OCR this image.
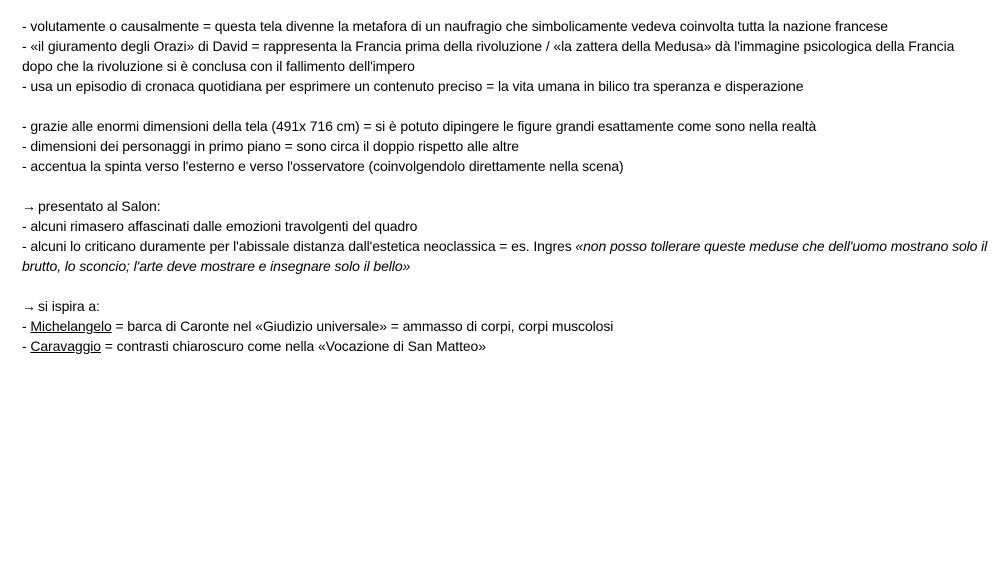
- volutamente o causalmente = questa tela divenne la metafora di un naufragio che simbolicamente vedeva coinvolta tutta la nazione francese
- «il giuramento degli Orazi» di David = rappresenta la Francia prima della rivoluzione / «la zattera della Medusa» dà l'immagine psicologica della Francia dopo che la rivoluzione si è conclusa con il fallimento dell'impero
- usa un episodio di cronaca quotidiana per esprimere un contenuto preciso = la vita umana in bilico tra speranza e disperazione
- grazie alle enormi dimensioni della tela (491x 716 cm) = si è potuto dipingere le figure grandi esattamente come sono nella realtà
- dimensioni dei personaggi in primo piano = sono circa il doppio rispetto alle altre
- accentua la spinta verso l'esterno e verso l'osservatore (coinvolgendolo direttamente nella scena)
→ presentato al Salon:
- alcuni rimasero affascinati dalle emozioni travolgenti del quadro
- alcuni lo criticano duramente per l'abissale distanza dall'estetica neoclassica = es. Ingres «non posso tollerare queste meduse che dell'uomo mostrano solo il brutto, lo sconcio; l'arte deve mostrare e insegnare solo il bello»
→ si ispira a:
- Michelangelo = barca di Caronte nel «Giudizio universale» = ammasso di corpi, corpi muscolosi
- Caravaggio = contrasti chiaroscuro come nella «Vocazione di San Matteo»
